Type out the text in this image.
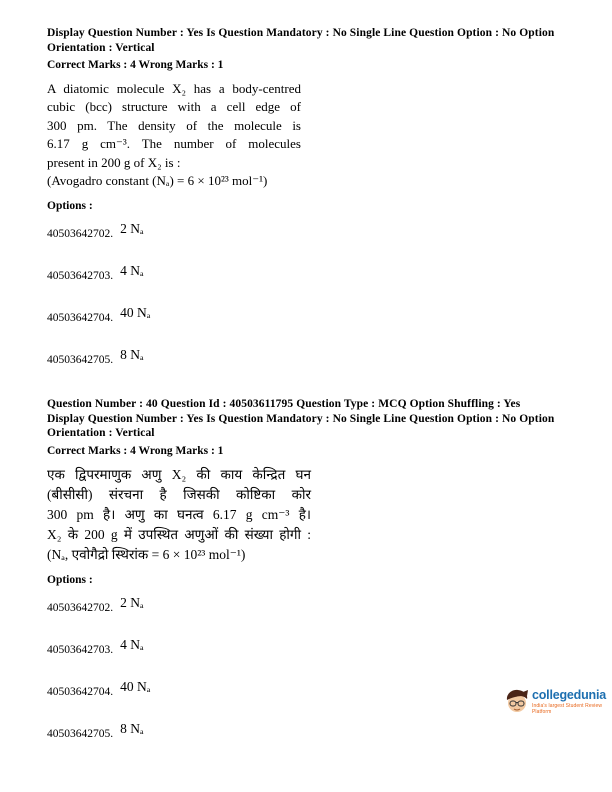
Display Question Number : Yes Is Question Mandatory : No Single Line Question Option : No Option
Orientation : Vertical
Correct Marks : 4 Wrong Marks : 1
A diatomic molecule X₂ has a body-centred
cubic (bcc) structure with a cell edge of
300 pm. The density of the molecule is
6.17 g cm⁻³. The number of molecules
present in 200 g of X₂ is :
(Avogadro constant (Nₐ) = 6 × 10²³ mol⁻¹)
Options :
40503642702. 2 Nₐ
40503642703. 4 Nₐ
40503642704. 40 Nₐ
40503642705. 8 Nₐ
Question Number : 40 Question Id : 40503611795 Question Type : MCQ Option Shuffling : Yes
Display Question Number : Yes Is Question Mandatory : No Single Line Question Option : No Option
Orientation : Vertical
Correct Marks : 4 Wrong Marks : 1
एक द्विपरमाणुक अणु X₂ की काय केन्द्रित घन
(बीसीसी) संरचना है जिसकी कोष्टिका कोर
300 pm है। अणु का घनत्व 6.17 g cm⁻³ है।
X₂ के 200 g में उपस्थित अणुओं की संख्या होगी :
(Nₐ, एवोगैद्रो स्थिरांक = 6 × 10²³ mol⁻¹)
Options :
40503642702. 2 Nₐ
40503642703. 4 Nₐ
40503642704. 40 Nₐ
40503642705. 8 Nₐ
collegedunia
India's largest Student Review Platform
